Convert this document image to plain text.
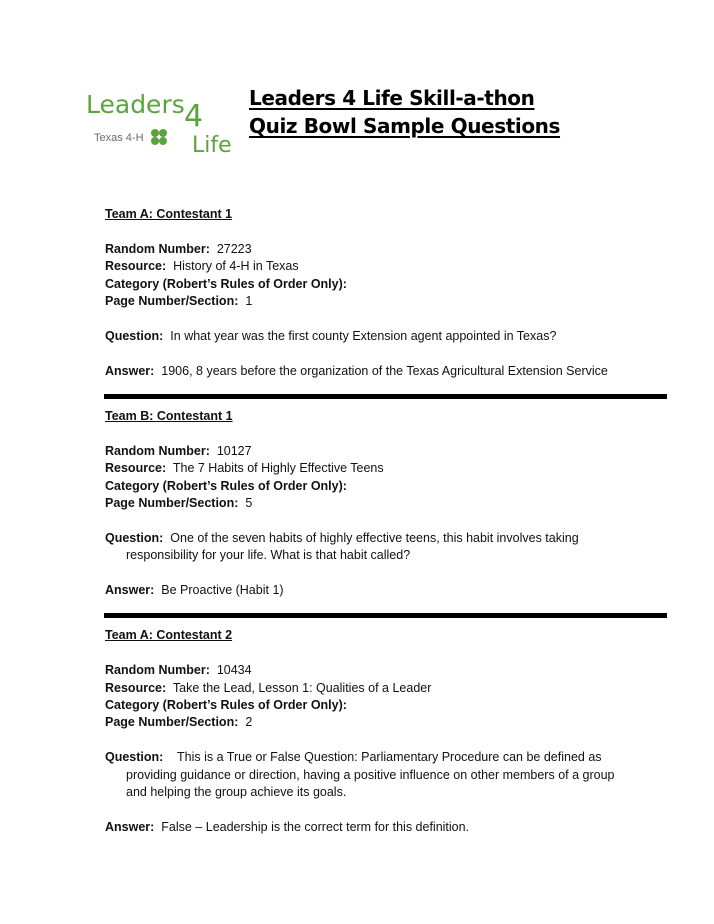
Leaders 4
Texas 4-H Life
Leaders 4 Life Skill-a-thon
Quiz Bowl Sample Questions
Team A: Contestant 1
Random Number: 27223
Resource: History of 4-H in Texas
Category (Robert’s Rules of Order Only):
Page Number/Section: 1
Question: In what year was the first county Extension agent appointed in Texas?
Answer: 1906, 8 years before the organization of the Texas Agricultural Extension Service
Team B: Contestant 1
Random Number: 10127
Resource: The 7 Habits of Highly Effective Teens
Category (Robert’s Rules of Order Only):
Page Number/Section: 5
Question: One of the seven habits of highly effective teens, this habit involves taking responsibility for your life. What is that habit called?
Answer: Be Proactive (Habit 1)
Team A: Contestant 2
Random Number: 10434
Resource: Take the Lead, Lesson 1: Qualities of a Leader
Category (Robert’s Rules of Order Only):
Page Number/Section: 2
Question: This is a True or False Question: Parliamentary Procedure can be defined as providing guidance or direction, having a positive influence on other members of a group and helping the group achieve its goals.
Answer: False – Leadership is the correct term for this definition.
